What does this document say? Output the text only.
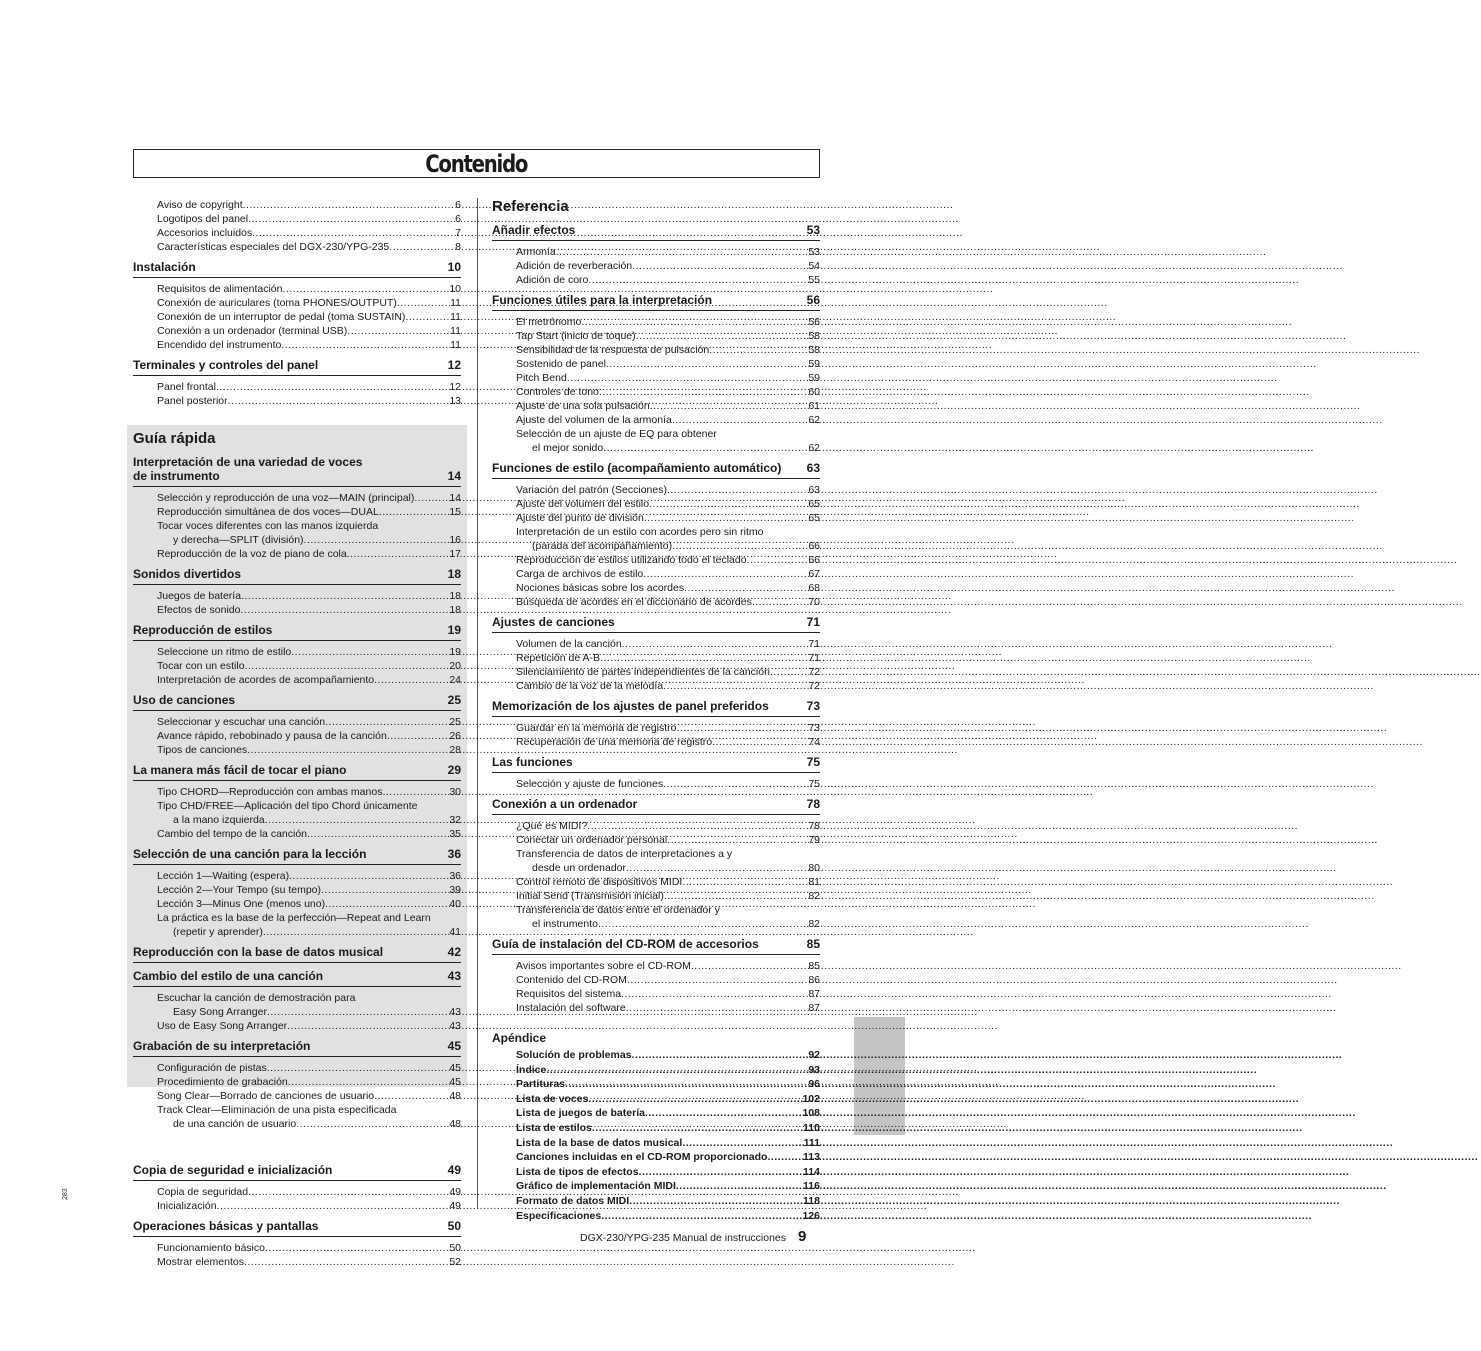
Contenido
Aviso de copyright .....	6
Logotipos del panel .....	6
Accesorios incluidos .....	7
Características especiales del DGX-230/YPG-235 .....	8
Instalación	10
Requisitos de alimentación .....	10
Conexión de auriculares (toma PHONES/OUTPUT) .....	11
Conexión de un interruptor de pedal (toma SUSTAIN) .....	11
Conexión a un ordenador (terminal USB) .....	11
Encendido del instrumento .....	11
Terminales y controles del panel	12
Panel frontal .....	12
Panel posterior .....	13
Guía rápida
Interpretación de una variedad de voces
de instrumento	14
Selección y reproducción de una voz—MAIN (principal) .....	14
Reproducción simultánea de dos voces—DUAL .....	15
Tocar voces diferentes con las manos izquierda
y derecha—SPLIT (división) .....	16
Reproducción de la voz de piano de cola .....	17
Sonidos divertidos	18
Juegos de batería .....	18
Efectos de sonido .....	18
Reproducción de estilos	19
Seleccione un ritmo de estilo .....	19
Tocar con un estilo .....	20
Interpretación de acordes de acompañamiento .....	24
Uso de canciones	25
Seleccionar y escuchar una canción .....	25
Avance rápido, rebobinado y pausa de la canción .....	26
Tipos de canciones .....	28
La manera más fácil de tocar el piano	29
Tipo CHORD—Reproducción con ambas manos .....	30
Tipo CHD/FREE—Aplicación del tipo Chord únicamente
a la mano izquierda .....	32
Cambio del tempo de la canción .....	35
Selección de una canción para la lección	36
Lección 1—Waiting (espera) .....	36
Lección 2—Your Tempo (su tempo) .....	39
Lección 3—Minus One (menos uno) .....	40
La práctica es la base de la perfección—Repeat and Learn
(repetir y aprender) .....	41
Reproducción con la base de datos musical	42
Cambio del estilo de una canción	43
Escuchar la canción de demostración para
Easy Song Arranger .....	43
Uso de Easy Song Arranger .....	43
Grabación de su interpretación	45
Configuración de pistas .....	45
Procedimiento de grabación .....	45
Song Clear—Borrado de canciones de usuario .....	48
Track Clear—Eliminación de una pista especificada
de una canción de usuario .....	48
Copia de seguridad e inicialización	49
Copia de seguridad .....	49
Inicialización .....	49
Operaciones básicas y pantallas	50
Funcionamiento básico .....	50
Mostrar elementos .....	52
Referencia
Añadir efectos	53
Armonía .....	53
Adición de reverberación .....	54
Adición de coro .....	55
Funciones útiles para la interpretación	56
El metrónomo .....	56
Tap Start (inicio de toque) .....	58
Sensibilidad de la respuesta de pulsación .....	58
Sostenido de panel .....	59
Pitch Bend .....	59
Controles de tono .....	60
Ajuste de una sola pulsación .....	61
Ajuste del volumen de la armonía .....	62
Selección de un ajuste de EQ para obtener
el mejor sonido .....	62
Funciones de estilo (acompañamiento automático) 63
Variación del patrón (Secciones) .....	63
Ajuste del volumen del estilo .....	65
Ajuste del punto de división .....	65
Interpretación de un estilo con acordes pero sin ritmo
(parada del acompañamiento) .....	66
Reproducción de estilos utilizando todo el teclado .....	66
Carga de archivos de estilo .....	67
Nociones básicas sobre los acordes .....	68
Búsqueda de acordes en el diccionario de acordes .....	70
Ajustes de canciones	71
Volumen de la canción .....	71
Repetición de A-B .....	71
Silenciamiento de partes independientes de la canción .....	72
Cambio de la voz de la melodía .....	72
Memorización de los ajustes de panel preferidos	73
Guardar en la memoria de registro .....	73
Recuperación de una memoria de registro .....	74
Las funciones	75
Selección y ajuste de funciones .....	75
Conexión a un ordenador	78
¿Qué es MIDI? .....	78
Conectar un ordenador personal .....	79
Transferencia de datos de interpretaciones a y
desde un ordenador .....	80
Control remoto de dispositivos MIDI .....	81
Initial Send (Transmisión inicial) .....	82
Transferencia de datos entre el ordenador y
el instrumento .....	82
Guía de instalación del CD-ROM de accesorios	85
Avisos importantes sobre el CD-ROM .....	85
Contenido del CD-ROM .....	86
Requisitos del sistema .....	87
Instalación del software .....	87
Apéndice
Solución de problemas .....	92
Índice .....	93
Partituras .....	96
Lista de voces .....	102
Lista de juegos de batería .....	108
Lista de estilos .....	110
Lista de la base de datos musical .....	111
Canciones incluidas en el CD-ROM proporcionado .....	113
Lista de tipos de efectos .....	114
Gráfico de implementación MIDI .....	116
Formato de datos MIDI .....	118
Especificaciones .....	126
DGX-230/YPG-235 Manual de instrucciones 9
283
